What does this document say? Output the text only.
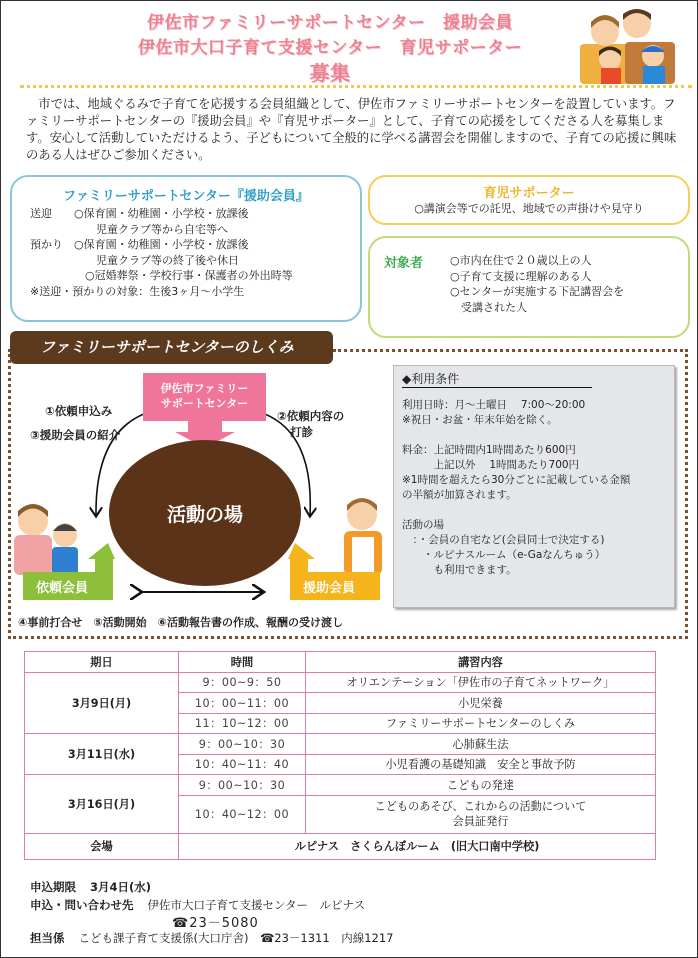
伊佐市ファミリーサポートセンター　援助会員
伊佐市大口子育て支援センター　育児サポーター
募集
市では、地域ぐるみで子育てを応援する会員組織として、伊佐市ファミリーサポートセンターを設置しています。ファミリーサポートセンターの『援助会員』や『育児サポーター』として、子育ての応援をしてくださる人を募集します。安心して活動していただけるよう、子どもについて全般的に学べる講習会を開催しますので、子育ての応援に興味のある人はぜひご参加ください。
ファミリーサポートセンター『援助会員』
送迎　　○保育園・幼稚園・小学校・放課後
　　　　　　児童クラブ等から自宅等へ
預かり　○保育園・幼稚園・小学校・放課後
　　　　　　児童クラブ等の終了後や休日
　　　　　○冠婚葬祭・学校行事・保護者の外出時等
※送迎・預かりの対象：生後3ヶ月～小学生
育児サポーター
○講演会等での託児、地域での声掛けや見守り
対象者 ○市内在住で２０歳以上の人
○子育て支援に理解のある人
○センターが実施する下記講習会を
　受講された人
ファミリーサポートセンターのしくみ
伊佐市ファミリー
サポートセンター
活動の場
①依頼申込み
③援助会員の紹介
②依頼内容の
打診
依頼会員	援助会員
④事前打合せ　⑤活動開始　⑥活動報告書の作成、報酬の受け渡し
◆利用条件

利用日時：月～土曜日　 7:00～20:00

※祝日・お盆・年末年始を除く。

料金：上記時間内1時間あたり600円

　　　上記以外　 1時間あたり700円

※1時間を超えたら30分ごとに記載している金額

の半額が加算されます。

活動の場

　：・会員の自宅など(会員同士で決定する)

　　・ルピナスルーム（e-Gaなんちゅう）

　　　も利用できます。

期日	時間	講習内容
3月9日(月)	9：00~9：50	オリエンテーション「伊佐市の子育てネットワーク」
	10：00~11：00	小児栄養
	11：10~12：00	ファミリーサポートセンターのしくみ
3月11日(水)	9：00~10：30	心肺蘇生法
	10：40~11：40	小児看護の基礎知識　安全と事故予防
3月16日(月)	9：00~10：30	こどもの発達
	10：40~12：00	こどものあそび、これからの活動について
会員証発行

会場	ルピナス　さくらんぼルーム　(旧大口南中学校)	
申込期限 3月4日(水)
申込・問い合わせ先 伊佐市大口子育て支援センター　ルピナス
☎23－5080
担当係 こども課子育て支援係(大口庁舎)　☎23－1311　内線1217
